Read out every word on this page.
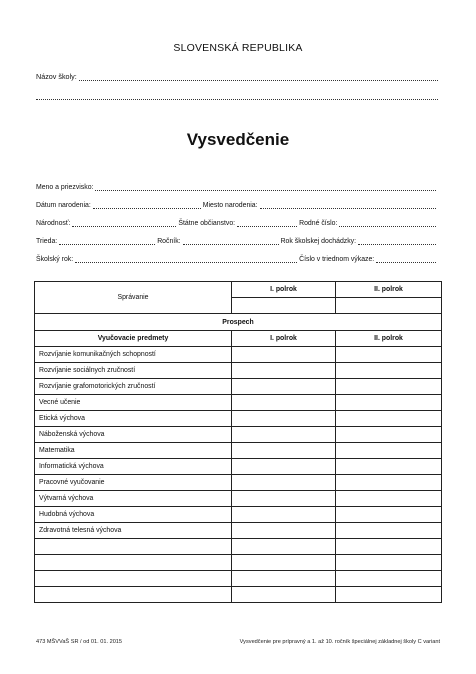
SLOVENSKÁ REPUBLIKA
Názov školy:
Vysvedčenie
Meno a priezvisko:
Dátum narodenia:	Miesto narodenia:
Národnosť:	Štátne občianstvo:	Rodné číslo:
Trieda:	Ročník:	Rok školskej dochádzky:
Školský rok:	Číslo v triednom výkaze:
Správanie	I. polrok	II. polrok

Prospech		
Vyučovacie predmety	I. polrok	II. polrok
Rozvíjanie komunikačných schopností		
Rozvíjanie sociálnych zručností		
Rozvíjanie grafomotorických zručností		
Vecné učenie		
Etická výchova		
Náboženská výchova		
Matematika		
Informatická výchova		
Pracovné vyučovanie		
Výtvarná výchova		
Hudobná výchova		
Zdravotná telesná výchova		

473 MŠVVaŠ SR / od 01. 01. 2015	Vysvedčenie pre prípravný a 1. až 10. ročník špeciálnej základnej školy C variant
